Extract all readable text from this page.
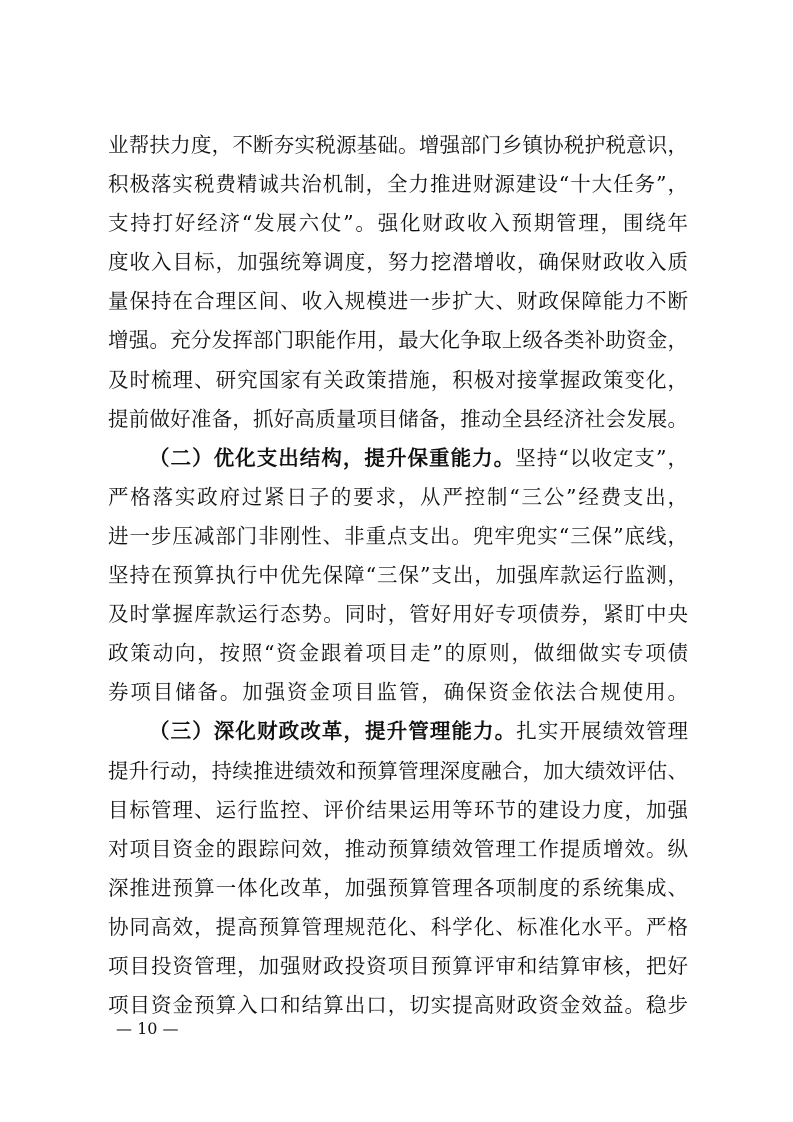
业帮扶力度，不断夯实税源基础。增强部门乡镇协税护税意识，
积极落实税费精诚共治机制，全力推进财源建设“十大任务”，
支持打好经济“发展六仗”。强化财政收入预期管理，围绕年
度收入目标，加强统筹调度，努力挖潜增收，确保财政收入质
量保持在合理区间、收入规模进一步扩大、财政保障能力不断
增强。充分发挥部门职能作用，最大化争取上级各类补助资金，
及时梳理、研究国家有关政策措施，积极对接掌握政策变化，
提前做好准备，抓好高质量项目储备，推动全县经济社会发展。
（二）优化支出结构，提升保重能力。坚持“以收定支”，
严格落实政府过紧日子的要求，从严控制“三公”经费支出，
进一步压减部门非刚性、非重点支出。兜牢兜实“三保”底线，
坚持在预算执行中优先保障“三保”支出，加强库款运行监测，
及时掌握库款运行态势。同时，管好用好专项债券，紧盯中央
政策动向，按照“资金跟着项目走”的原则，做细做实专项债
券项目储备。加强资金项目监管，确保资金依法合规使用。
（三）深化财政改革，提升管理能力。扎实开展绩效管理
提升行动，持续推进绩效和预算管理深度融合，加大绩效评估、
目标管理、运行监控、评价结果运用等环节的建设力度，加强
对项目资金的跟踪问效，推动预算绩效管理工作提质增效。纵
深推进预算一体化改革，加强预算管理各项制度的系统集成、
协同高效，提高预算管理规范化、科学化、标准化水平。严格
项目投资管理，加强财政投资项目预算评审和结算审核，把好
项目资金预算入口和结算出口，切实提高财政资金效益。稳步
— 10 —
